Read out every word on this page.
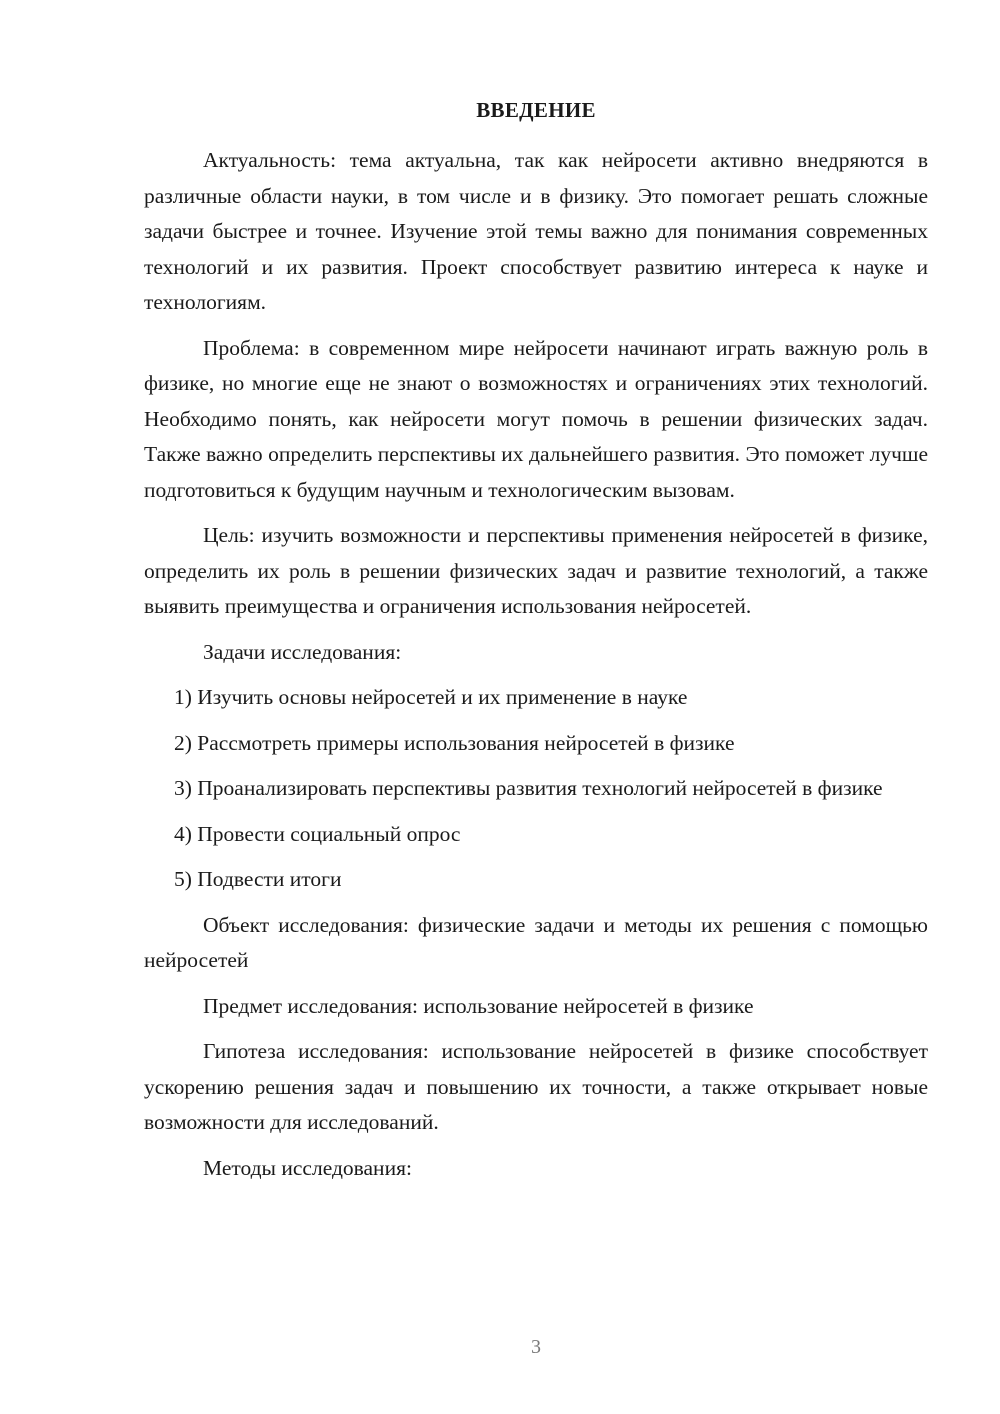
ВВЕДЕНИЕ

Актуальность: тема актуальна, так как нейросети активно внедряются в различные области науки, в том числе и в физику. Это помогает решать сложные задачи быстрее и точнее. Изучение этой темы важно для понимания современных технологий и их развития. Проект способствует развитию интереса к науке и технологиям.

Проблема: в современном мире нейросети начинают играть важную роль в физике, но многие еще не знают о возможностях и ограничениях этих технологий. Необходимо понять, как нейросети могут помочь в решении физических задач. Также важно определить перспективы их дальнейшего развития. Это поможет лучше подготовиться к будущим научным и технологическим вызовам.

Цель: изучить возможности и перспективы применения нейросетей в физике, определить их роль в решении физических задач и развитие технологий, а также выявить преимущества и ограничения использования нейросетей.

Задачи исследования:

1) Изучить основы нейросетей и их применение в науке

2) Рассмотреть примеры использования нейросетей в физике

3) Проанализировать перспективы развития технологий нейросетей в физике

4) Провести социальный опрос

5) Подвести итоги

Объект исследования: физические задачи и методы их решения с помощью нейросетей

Предмет исследования: использование нейросетей в физике

Гипотеза исследования: использование нейросетей в физике способствует ускорению решения задач и повышению их точности, а также открывает новые возможности для исследований.

Методы исследования:

3
